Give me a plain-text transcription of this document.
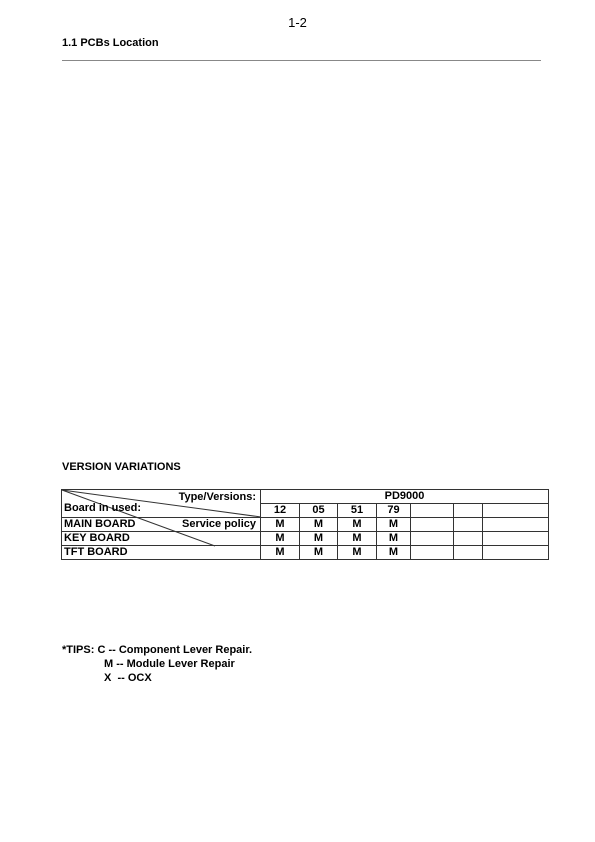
1-2
1.1 PCBs Location
VERSION VARIATIONS
Type/Versions:
Service policy
Board in used:	PD9000						
	12	05	51	79			
MAIN BOARD	M	M	M	M			
KEY BOARD	M	M	M	M			
TFT BOARD	M	M	M	M			
*TIPS: C -- Component Lever Repair.
M -- Module Lever Repair
X  -- OCX
